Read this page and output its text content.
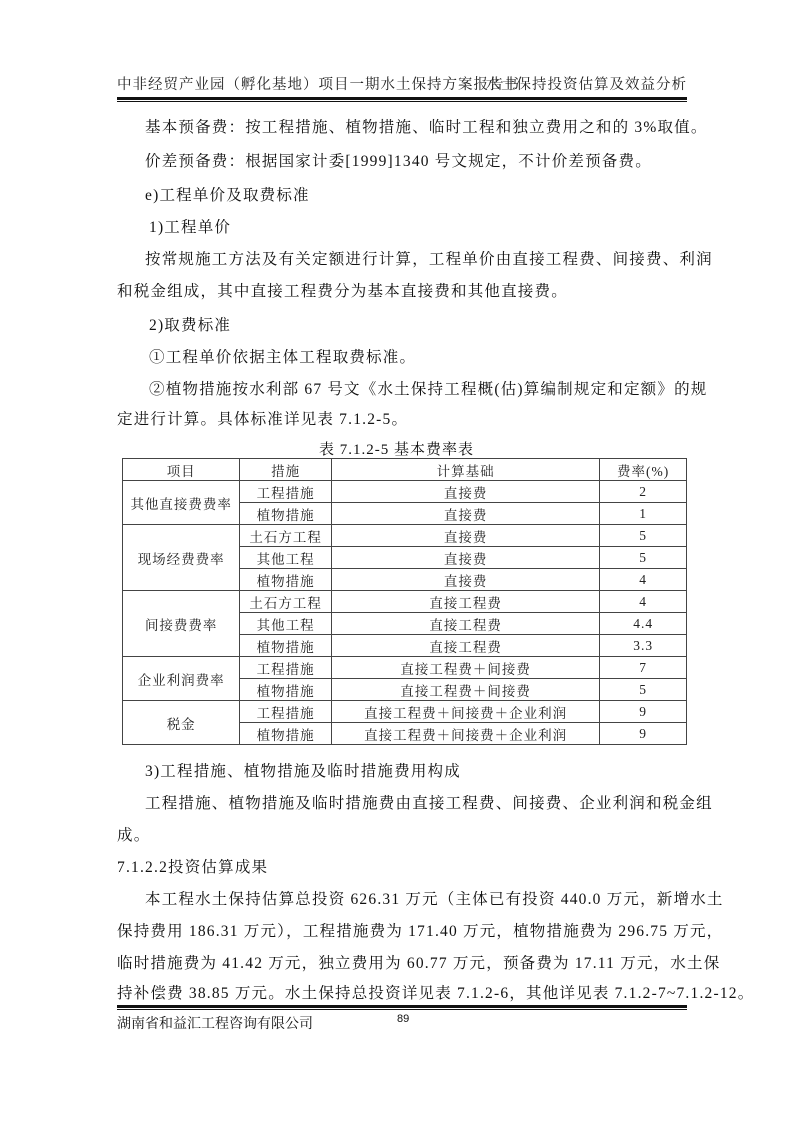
中非经贸产业园（孵化基地）项目一期水土保持方案报告书
水土保持投资估算及效益分析
基本预备费：按工程措施、植物措施、临时工程和独立费用之和的 3%取值。
价差预备费：根据国家计委[1999]1340 号文规定，不计价差预备费。
e)工程单价及取费标准
1)工程单价
按常规施工方法及有关定额进行计算，工程单价由直接工程费、间接费、利润
和税金组成，其中直接工程费分为基本直接费和其他直接费。
2)取费标准
①工程单价依据主体工程取费标准。
②植物措施按水利部 67 号文《水土保持工程概(估)算编制规定和定额》的规
定进行计算。具体标准详见表 7.1.2-5。
3)工程措施、植物措施及临时措施费用构成
工程措施、植物措施及临时措施费由直接工程费、间接费、企业利润和税金组
成。
7.1.2.2投资估算成果
本工程水土保持估算总投资 626.31 万元（主体已有投资 440.0 万元，新增水土
保持费用 186.31 万元），工程措施费为 171.40 万元，植物措施费为 296.75 万元，
临时措施费为 41.42 万元，独立费用为 60.77 万元，预备费为 17.11 万元，水土保
持补偿费 38.85 万元。水土保持总投资详见表 7.1.2-6，其他详见表 7.1.2-7~7.1.2-12。
表 7.1.2-5 基本费率表
项目	措施	计算基础	费率(%)
其他直接费费率	工程措施	直接费	2
	植物措施	直接费	1
现场经费费率	土石方工程	直接费	5
	其他工程	直接费	5
	植物措施	直接费	4
间接费费率	土石方工程	直接工程费	4
	其他工程	直接工程费	4.4
	植物措施	直接工程费	3.3
企业利润费率	工程措施	直接工程费＋间接费	7
	植物措施	直接工程费＋间接费	5
税金	工程措施	直接工程费＋间接费＋企业利润	9
	植物措施	直接工程费＋间接费＋企业利润	9
湖南省和益汇工程咨询有限公司	89
